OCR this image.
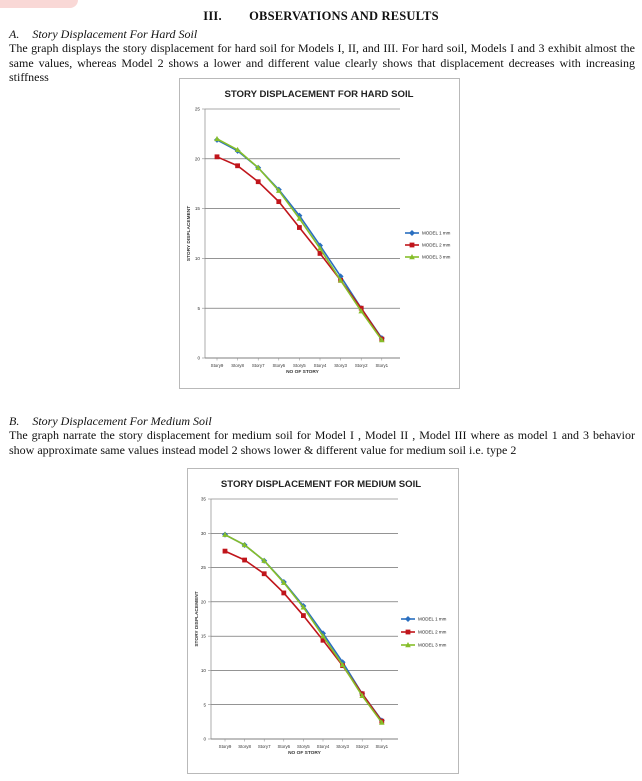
III. OBSERVATIONS AND RESULTS
A. Story Displacement For Hard Soil
The graph displays the story displacement for hard soil for Models I, II, and III. For hard soil, Models I and 3 exhibit almost the same values, whereas Model 2 shows a lower and different value clearly shows that displacement decreases with increasing stiffness
STORY DISPLACEMENT FOR HARD SOIL
0
5
10
15
20
25
Story9 Story8 Story7 Story6 Story5 Story4 Story3 Story2 Story1
NO OF STORY
STORY DISPLACEMENT	MODEL 1 mm
MODEL 2 mm
MODEL 3 mm
B. Story Displacement For Medium Soil
The graph narrate the story displacement for medium soil for Model I , Model II , Model III where as model 1 and 3 behavior show approximate same values instead model 2 shows lower & different value for medium soil i.e. type 2
STORY DISPLACEMENT FOR MEDIUM SOIL
0
5
10
15
20
25
30
35
Story9 Story8 Story7 Story6 Story5 Story4 Story3 Story2 Story1
NO OF STORY
STORY DISPLACEMENT	MODEL 1 mm
MODEL 2 mm
MODEL 3 mm
